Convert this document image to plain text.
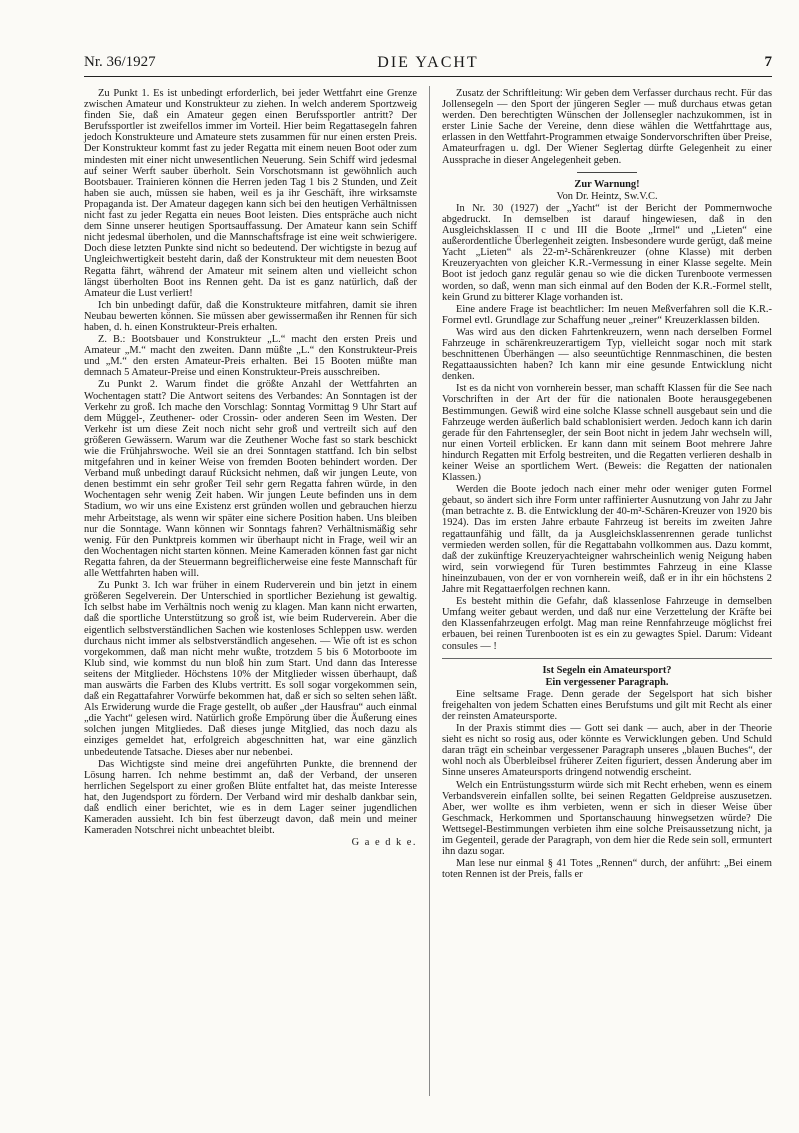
Nr. 36/1927	DIE YACHT	7

Zu Punkt 1. Es ist unbedingt erforderlich, bei jeder Wettfahrt eine Grenze zwischen Amateur und Konstrukteur zu ziehen. In welch anderem Sportzweig finden Sie, daß ein Amateur gegen einen Berufssportler antritt? Der Berufssportler ist zweifellos immer im Vorteil. Hier beim Regattasegeln fahren jedoch Konstrukteure und Amateure stets zusammen für nur einen ersten Preis. Der Konstrukteur kommt fast zu jeder Regatta mit einem neuen Boot oder zum mindesten mit einer nicht unwesentlichen Neuerung. Sein Schiff wird jedesmal auf seiner Werft sauber überholt. Sein Vorschotsmann ist gewöhnlich auch Bootsbauer. Trainieren können die Herren jeden Tag 1 bis 2 Stunden, und Zeit haben sie auch, müssen sie haben, weil es ja ihr Geschäft, ihre wirksamste Propaganda ist. Der Amateur dagegen kann sich bei den heutigen Verhältnissen nicht fast zu jeder Regatta ein neues Boot leisten. Dies entspräche auch nicht dem Sinne unserer heutigen Sportsauffassung. Der Amateur kann sein Schiff nicht jedesmal überholen, und die Mannschaftsfrage ist eine weit schwierigere. Doch diese letzten Punkte sind nicht so bedeutend. Der wichtigste in bezug auf Ungleichwertigkeit besteht darin, daß der Konstrukteur mit dem neuesten Boot Regatta fährt, während der Amateur mit seinem alten und vielleicht schon längst überholten Boot ins Rennen geht. Da ist es ganz natürlich, daß der Amateur die Lust verliert!

Ich bin unbedingt dafür, daß die Konstrukteure mitfahren, damit sie ihren Neubau bewerten können. Sie müssen aber gewissermaßen ihr Rennen für sich haben, d. h. einen Konstrukteur-Preis erhalten.

Z. B.: Bootsbauer und Konstrukteur „L.“ macht den ersten Preis und Amateur „M.“ macht den zweiten. Dann müßte „L.“ den Konstrukteur-Preis und „M.“ den ersten Amateur-Preis erhalten. Bei 15 Booten müßte man demnach 5 Amateur-Preise und einen Konstrukteur-Preis ausschreiben.

Zu Punkt 2. Warum findet die größte Anzahl der Wettfahrten an Wochentagen statt? Die Antwort seitens des Verbandes: An Sonntagen ist der Verkehr zu groß. Ich mache den Vorschlag: Sonntag Vormittag 9 Uhr Start auf dem Müggel-, Zeuthener- oder Crossin- oder anderen Seen im Westen. Der Verkehr ist um diese Zeit noch nicht sehr groß und vertreilt sich auf den größeren Gewässern. Warum war die Zeuthener Woche fast so stark beschickt wie die Frühjahrswoche. Weil sie an drei Sonntagen stattfand. Ich bin selbst mitgefahren und in keiner Weise von fremden Booten behindert worden. Der Verband muß unbedingt darauf Rücksicht nehmen, daß wir jungen Leute, von denen bestimmt ein sehr großer Teil sehr gern Regatta fahren würde, in den Wochentagen sehr wenig Zeit haben. Wir jungen Leute befinden uns in dem Stadium, wo wir uns eine Existenz erst gründen wollen und gebrauchen hierzu mehr Arbeitstage, als wenn wir später eine sichere Position haben. Uns bleiben nur die Sonntage. Wann können wir Sonntags fahren? Verhältnismäßig sehr wenig. Für den Punktpreis kommen wir überhaupt nicht in Frage, weil wir an den Wochentagen nicht starten können. Meine Kameraden können fast gar nicht Regatta fahren, da der Steuermann begreiflicherweise eine feste Mannschaft für alle Wettfahrten haben will.

Zu Punkt 3. Ich war früher in einem Ruderverein und bin jetzt in einem größeren Segelverein. Der Unterschied in sportlicher Beziehung ist gewaltig. Ich selbst habe im Verhältnis noch wenig zu klagen. Man kann nicht erwarten, daß die sportliche Unterstützung so groß ist, wie beim Ruderverein. Aber die eigentlich selbstverständlichen Sachen wie kostenloses Schleppen usw. werden durchaus nicht immer als selbstverständlich angesehen. — Wie oft ist es schon vorgekommen, daß man nicht mehr wußte, trotzdem 5 bis 6 Motorboote im Klub sind, wie kommst du nun bloß hin zum Start. Und dann das Interesse seitens der Mitglieder. Höchstens 10% der Mitglieder wissen überhaupt, daß man auswärts die Farben des Klubs vertritt. Es soll sogar vorgekommen sein, daß ein Regattafahrer Vorwürfe bekommen hat, daß er sich so selten sehen läßt. Als Erwiderung wurde die Frage gestellt, ob außer „der Hausfrau“ auch einmal „die Yacht“ gelesen wird. Natürlich große Empörung über die Äußerung eines solchen jungen Mitgliedes. Daß dieses junge Mitglied, das noch dazu als einziges gemeldet hat, erfolgreich abgeschnitten hat, war eine gänzlich unbedeutende Tatsache. Dieses aber nur nebenbei.

Das Wichtigste sind meine drei angeführten Punkte, die brennend der Lösung harren. Ich nehme bestimmt an, daß der Verband, der unseren herrlichen Segelsport zu einer großen Blüte entfaltet hat, das meiste Interesse hat, den Jugendsport zu fördern. Der Verband wird mir deshalb dankbar sein, daß endlich einer berichtet, wie es in dem Lager seiner jugendlichen Kameraden aussieht. Ich bin fest überzeugt davon, daß mein und meiner Kameraden Notschrei nicht unbeachtet bleibt.

G a e d k e.

Zusatz der Schriftleitung: Wir geben dem Verfasser durchaus recht. Für das Jollensegeln — den Sport der jüngeren Segler — muß durchaus etwas getan werden. Den berechtigten Wünschen der Jollensegler nachzukommen, ist in erster Linie Sache der Vereine, denn diese wählen die Wettfahrttage aus, erlassen in den Wettfahrt-Programmen etwaige Sondervorschriften über Preise, Amateurfragen u. dgl. Der Wiener Seglertag dürfte Gelegenheit zu einer Aussprache in dieser Angelegenheit geben.

Zur Warnung!
Von Dr. Heintz, Sw.V.C.

In Nr. 30 (1927) der „Yacht“ ist der Bericht der Pommernwoche abgedruckt. In demselben ist darauf hingewiesen, daß in den Ausgleichsklassen II c und III die Boote „Irmel“ und „Lieten“ eine außerordentliche Überlegenheit zeigten. Insbesondere wurde gerügt, daß meine Yacht „Lieten“ als 22-m²-Schärenkreuzer (ohne Klasse) mit derben Kreuzeryachten von gleicher K.R.-Vermessung in einer Klasse segelte. Mein Boot ist jedoch ganz regulär genau so wie die dicken Turenboote vermessen worden, so daß, wenn man sich einmal auf den Boden der K.R.-Formel stellt, kein Grund zu bitterer Klage vorhanden ist.

Eine andere Frage ist beachtlicher: Im neuen Meßverfahren soll die K.R.-Formel evtl. Grundlage zur Schaffung neuer „reiner“ Kreuzerklassen bilden.

Was wird aus den dicken Fahrtenkreuzern, wenn nach derselben Formel Fahrzeuge in schärenkreuzerartigem Typ, vielleicht sogar noch mit stark beschnittenen Überhängen — also seeuntüchtige Rennmaschinen, die besten Regattaaussichten haben? Ich kann mir eine gesunde Entwicklung nicht denken.

Ist es da nicht von vornherein besser, man schafft Klassen für die See nach Vorschriften in der Art der für die nationalen Boote herausgegebenen Bestimmungen. Gewiß wird eine solche Klasse schnell ausgebaut sein und die Fahrzeuge werden äußerlich bald schablonisiert werden. Jedoch kann ich darin gerade für den Fahrtensegler, der sein Boot nicht in jedem Jahr wechseln will, nur einen Vorteil erblicken. Er kann dann mit seinem Boot mehrere Jahre hindurch Regatten mit Erfolg bestreiten, und die Regatten verlieren deshalb in keiner Weise an sportlichem Wert. (Beweis: die Regatten der nationalen Klassen.)

Werden die Boote jedoch nach einer mehr oder weniger guten Formel gebaut, so ändert sich ihre Form unter raffinierter Ausnutzung von Jahr zu Jahr (man betrachte z. B. die Entwicklung der 40-m²-Schären-Kreuzer von 1920 bis 1924). Das im ersten Jahre erbaute Fahrzeug ist bereits im zweiten Jahre regattaunfähig und fällt, da ja Ausgleichsklassenrennen gerade tunlichst vermieden werden sollen, für die Regattabahn vollkommen aus. Dazu kommt, daß der zukünftige Kreuzeryachteigner wahrscheinlich wenig Neigung haben wird, sein vorwiegend für Turen bestimmtes Fahrzeug in eine Klasse hineinzubauen, von der er von vornherein weiß, daß er in ihr ein höchstens 2 Jahre mit Regattaerfolgen rechnen kann.

Es besteht mithin die Gefahr, daß klassenlose Fahrzeuge in demselben Umfang weiter gebaut werden, und daß nur eine Verzettelung der Kräfte bei den Klassenfahrzeugen erfolgt. Mag man reine Rennfahrzeuge möglichst frei erbauen, bei reinen Turenbooten ist es ein zu gewagtes Spiel. Darum: Videant consules — !

Ist Segeln ein Amateursport?
Ein vergessener Paragraph.

Eine seltsame Frage. Denn gerade der Segelsport hat sich bisher freigehalten von jedem Schatten eines Berufstums und gilt mit Recht als einer der reinsten Amateursporte.

In der Praxis stimmt dies — Gott sei dank — auch, aber in der Theorie sieht es nicht so rosig aus, oder könnte es Verwicklungen geben. Und Schuld daran trägt ein scheinbar vergessener Paragraph unseres „blauen Buches“, der wohl noch als Überbleibsel früherer Zeiten figuriert, dessen Änderung aber im Sinne unseres Amateursports dringend notwendig erscheint.

Welch ein Entrüstungssturm würde sich mit Recht erheben, wenn es einem Verbandsverein einfallen sollte, bei seinen Regatten Geldpreise auszusetzen. Aber, wer wollte es ihm verbieten, wenn er sich in dieser Weise über Geschmack, Herkommen und Sportanschauung hinwegsetzen würde? Die Wettsegel-Bestimmungen verbieten ihm eine solche Preisaussetzung nicht, ja im Gegenteil, gerade der Paragraph, von dem hier die Rede sein soll, ermuntert ihn dazu sogar.

Man lese nur einmal § 41 Totes „Rennen“ durch, der anführt: „Bei einem toten Rennen ist der Preis, falls er
